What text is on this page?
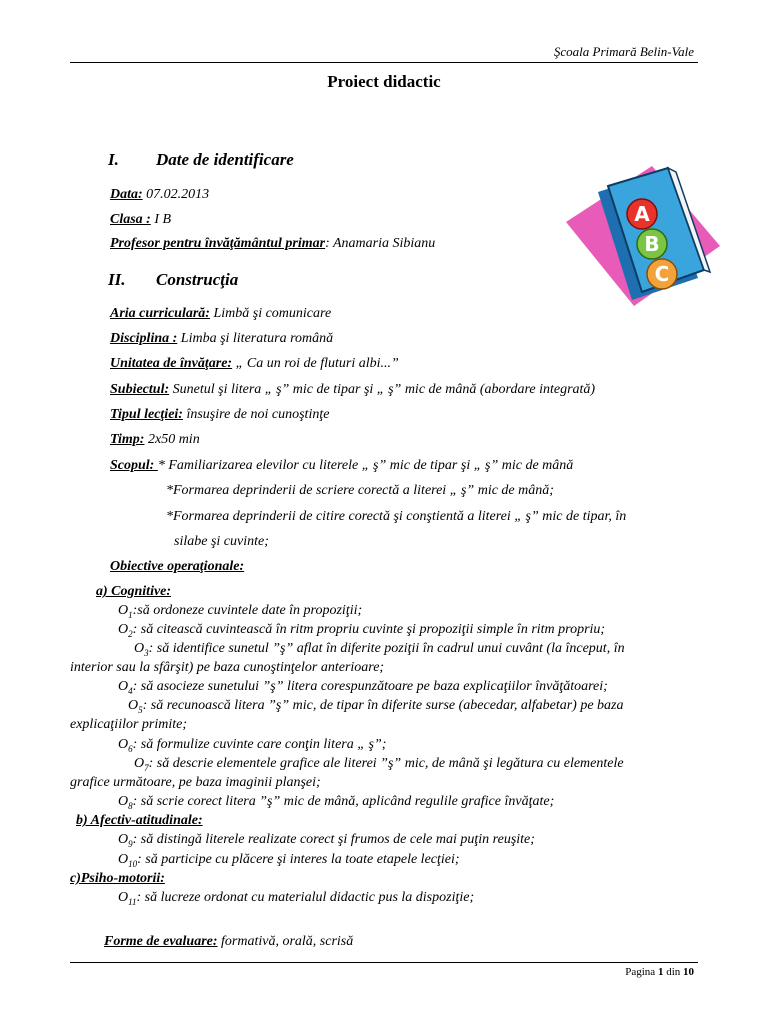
Şcoala Primară Belin-Vale
Proiect didactic
I. Date de identificare
Data: 07.02.2013
Clasa : I B
Profesor pentru învăţământul primar: Anamaria Sibianu
II. Construcţia
Aria curriculară: Limbă şi comunicare
Disciplina : Limba şi literatura română
Unitatea de învăţare: „ Ca un roi de fluturi albi...”
Subiectul: Sunetul şi litera „ ş” mic de tipar şi „ ş” mic de mână (abordare integrată)
Tipul lecţiei: însuşire de noi cunoştinţe
Timp: 2x50 min
Scopul: * Familiarizarea elevilor cu literele „ ş” mic de tipar şi „ ş” mic de mână
*Formarea deprinderii de scriere corectă a literei „ ş” mic de mână;
*Formarea deprinderii de citire corectă şi conştientă a literei „ ş” mic de tipar, în
silabe şi cuvinte;
Obiective operaţionale:
a) Cognitive:
$O_1:să$ ordoneze cuvintele date în propoziţii;
$O_2$: să citească cuvintească în ritm propriu cuvinte şi propoziţii simple în ritm propriu;
$O_3$: să identifice sunetul ”ş” aflat în diferite poziţii în cadrul unui cuvânt (la început, în
interior sau la sfârşit) pe baza cunoştinţelor anterioare;
$O_4$: să asocieze sunetului ”ş” litera corespunzătoare pe baza explicaţiilor învăţătoarei;
$O_5$: să recunoască litera ”ş” mic, de tipar în diferite surse (abecedar, alfabetar) pe baza
explicaţiilor primite;
$O_6$: să formulize cuvinte care conţin litera „ ş”;
$O_7$: să descrie elementele grafice ale literei ”ş” mic, de mână şi legătura cu elementele
grafice următoare, pe baza imaginii planşei;
$O_8$: să scrie corect litera ”ş” mic de mână, aplicând regulile grafice învăţate;
b) Afectiv-atitudinale:
$O_9$: să distingă literele realizate corect şi frumos de cele mai puţin reuşite;
$O_{10}$: să participe cu plăcere şi interes la toate etapele lecţiei;
c)Psiho-motorii:
$O_{11}$: să lucreze ordonat cu materialul didactic pus la dispoziţie;
Forme de evaluare: formativă, orală, scrisă
Pagina 1 din 10
A
B
C
